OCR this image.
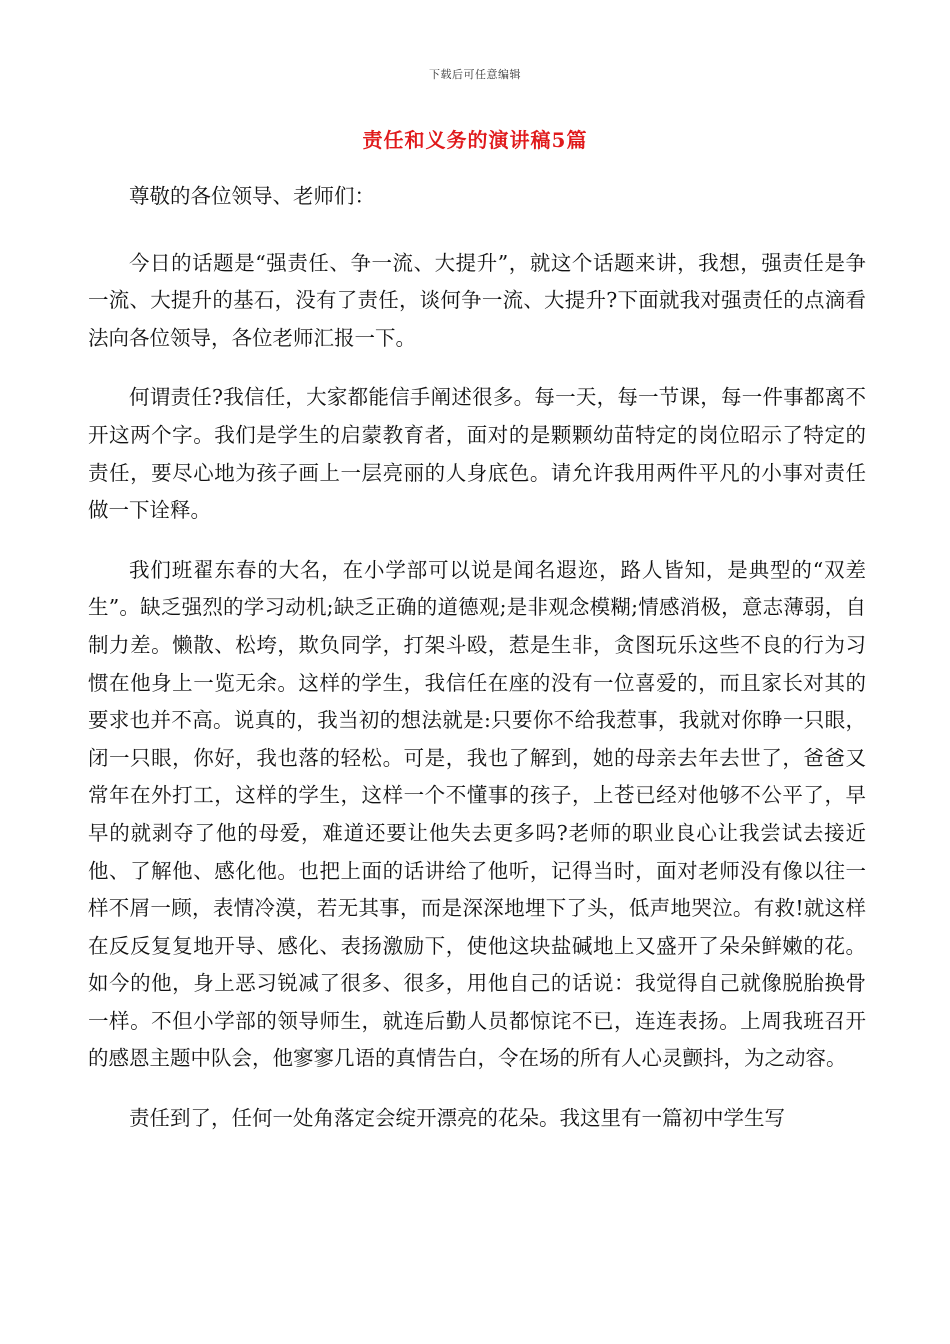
下载后可任意编辑
责任和义务的演讲稿5篇

尊敬的各位领导、老师们：

今日的话题是“强责任、争一流、大提升”，就这个话题来讲，我想，强责任是争一流、大提升的基石，没有了责任，谈何争一流、大提升?下面就我对强责任的点滴看法向各位领导，各位老师汇报一下。

何谓责任?我信任，大家都能信手阐述很多。每一天，每一节课，每一件事都离不开这两个字。我们是学生的启蒙教育者，面对的是颗颗幼苗特定的岗位昭示了特定的责任，要尽心地为孩子画上一层亮丽的人身底色。请允许我用两件平凡的小事对责任做一下诠释。

我们班翟东春的大名，在小学部可以说是闻名遐迩，路人皆知，是典型的“双差生”。缺乏强烈的学习动机;缺乏正确的道德观;是非观念模糊;情感消极，意志薄弱，自制力差。懒散、松垮，欺负同学，打架斗殴，惹是生非，贪图玩乐这些不良的行为习惯在他身上一览无余。这样的学生，我信任在座的没有一位喜爱的，而且家长对其的要求也并不高。说真的，我当初的想法就是:只要你不给我惹事，我就对你睁一只眼，闭一只眼，你好，我也落的轻松。可是，我也了解到，她的母亲去年去世了，爸爸又常年在外打工，这样的学生，这样一个不懂事的孩子，上苍已经对他够不公平了，早早的就剥夺了他的母爱，难道还要让他失去更多吗?老师的职业良心让我尝试去接近他、了解他、感化他。也把上面的话讲给了他听，记得当时，面对老师没有像以往一样不屑一顾，表情冷漠，若无其事，而是深深地埋下了头，低声地哭泣。有救!就这样在反反复复地开导、感化、表扬激励下，使他这块盐碱地上又盛开了朵朵鲜嫩的花。如今的他，身上恶习锐减了很多、很多，用他自己的话说：我觉得自己就像脱胎换骨一样。不但小学部的领导师生，就连后勤人员都惊诧不已，连连表扬。上周我班召开的感恩主题中队会，他寥寥几语的真情告白，令在场的所有人心灵颤抖，为之动容。

责任到了，任何一处角落定会绽开漂亮的花朵。我这里有一篇初中学生写
